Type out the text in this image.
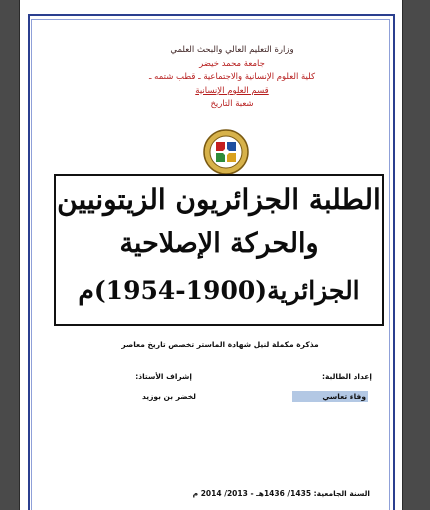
وزارة التعليم العالي والبحث العلمي
جامعة محمد خيضر
كلية العلوم الإنسانية والاجتماعية ـ قطب شتمه ـ
قسم العلوم الإنسانية
شعبة التاريخ
الطلبة الجزائريون الزيتونيين
والحركة الإصلاحية
الجزائرية(1900-1954)م
مذكرة مكملة لنيل شهادة الماستر تخصص تاريخ معاصر
إعداد الطالبة:
إشراف الأستاذ:
وفاء تعاسي
لخضر بن بوزيد
السنة الجامعية: 1435/ 1436هـ - 2013/ 2014 م
